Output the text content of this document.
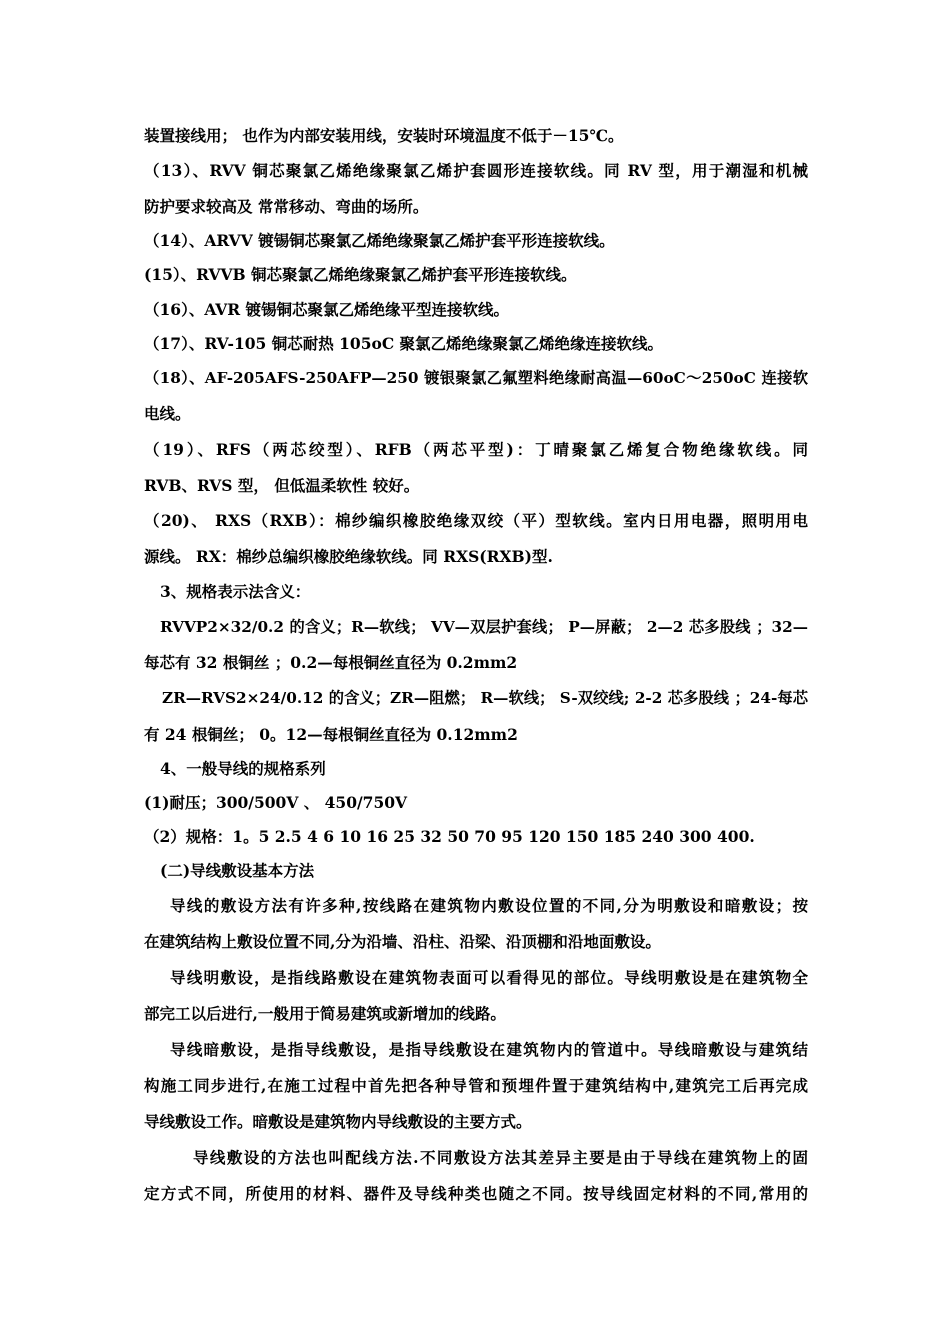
装置接线用； 也作为内部安装用线，安装时环境温度不低于－15℃。
（13）、RVV 铜芯聚氯乙烯绝缘聚氯乙烯护套圆形连接软线。同 RV 型，用于潮湿和机械
防护要求较高及 常常移动、弯曲的场所。
（14）、ARVV 镀锡铜芯聚氯乙烯绝缘聚氯乙烯护套平形连接软线。
(15）、RVVB 铜芯聚氯乙烯绝缘聚氯乙烯护套平形连接软线。
（16）、AVR 镀锡铜芯聚氯乙烯绝缘平型连接软线。
（17）、RV-105 铜芯耐热 105oC 聚氯乙烯绝缘聚氯乙烯绝缘连接软线。
（18）、AF-205AFS-250AFP—250 镀银聚氯乙氟塑料绝缘耐高温—60oC～250oC 连接软
电线。
（19）、RFS（两芯绞型）、RFB（两芯平型)：丁晴聚氯乙烯复合物绝缘软线。同
RVB、RVS 型， 但低温柔软性 较好。
（20)、 RXS（RXB）：棉纱编织橡胶绝缘双绞（平）型软线。室内日用电器，照明用电
源线。 RX：棉纱总编织橡胶绝缘软线。同 RXS(RXB)型.
3、规格表示法含义：
RVVP2×32/0.2 的含义；R—软线； VV—双层护套线； P—屏蔽； 2—2 芯多股线 ；32—
每芯有 32 根铜丝 ；0.2—每根铜丝直径为 0.2mm2
ZR—RVS2×24/0.12 的含义；ZR—阻燃； R—软线； S-双绞线; 2-2 芯多股线 ；24-每芯
有 24 根铜丝； 0。12—每根铜丝直径为 0.12mm2
4、一般导线的规格系列
(1)耐压；300/500V 、 450/750V
（2）规格：1。5 2.5 4 6 10 16 25 32 50 70 95 120 150 185 240 300 400.
(二)导线敷设基本方法
导线的敷设方法有许多种,按线路在建筑物内敷设位置的不同,分为明敷设和暗敷设；按
在建筑结构上敷设位置不同,分为沿墙、沿柱、沿梁、沿顶棚和沿地面敷设。
导线明敷设，是指线路敷设在建筑物表面可以看得见的部位。导线明敷设是在建筑物全
部完工以后进行,一般用于简易建筑或新增加的线路。
导线暗敷设，是指导线敷设，是指导线敷设在建筑物内的管道中。导线暗敷设与建筑结
构施工同步进行,在施工过程中首先把各种导管和预埋件置于建筑结构中,建筑完工后再完成
导线敷设工作。暗敷设是建筑物内导线敷设的主要方式。
导线敷设的方法也叫配线方法.不同敷设方法其差异主要是由于导线在建筑物上的固
定方式不同，所使用的材料、器件及导线种类也随之不同。按导线固定材料的不同,常用的
